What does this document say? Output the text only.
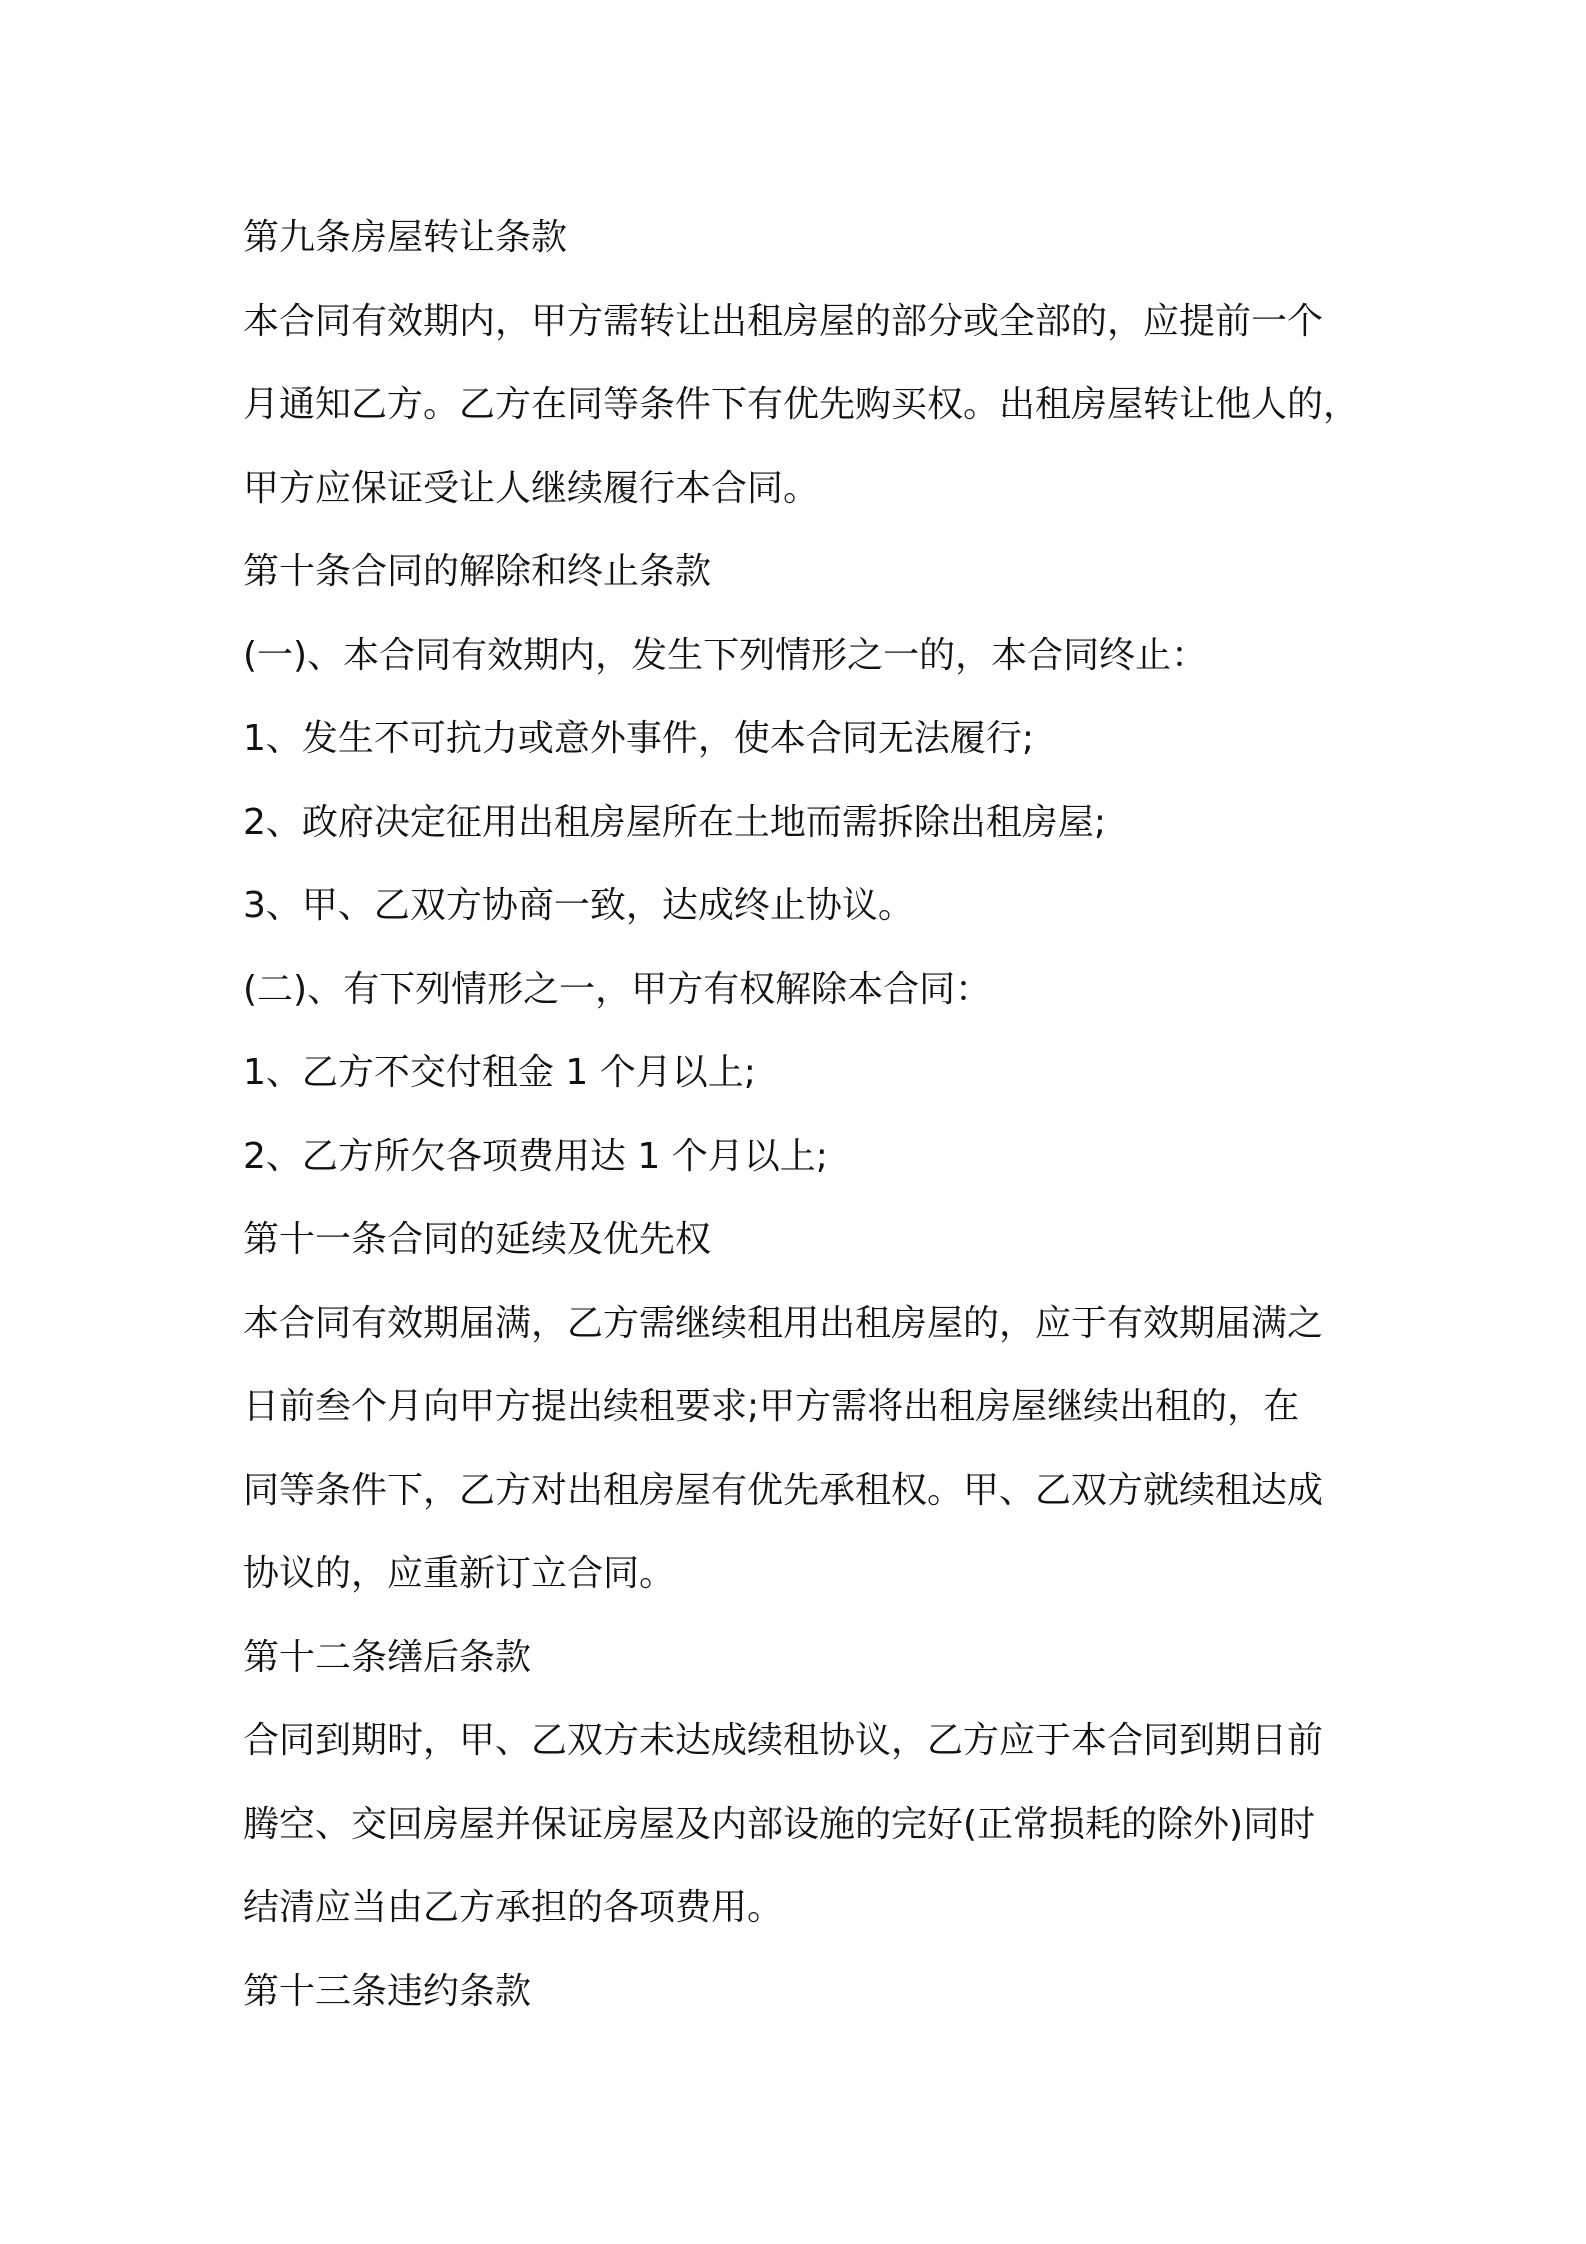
第九条房屋转让条款
本合同有效期内，甲方需转让出租房屋的部分或全部的，应提前一个
月通知乙方。乙方在同等条件下有优先购买权。出租房屋转让他人的，
甲方应保证受让人继续履行本合同。
第十条合同的解除和终止条款
(一)、本合同有效期内，发生下列情形之一的，本合同终止：
1、发生不可抗力或意外事件，使本合同无法履行;
2、政府决定征用出租房屋所在土地而需拆除出租房屋;
3、甲、乙双方协商一致，达成终止协议。
(二)、有下列情形之一，甲方有权解除本合同：
1、乙方不交付租金 1 个月以上;
2、乙方所欠各项费用达 1 个月以上;
第十一条合同的延续及优先权
本合同有效期届满，乙方需继续租用出租房屋的，应于有效期届满之
日前叁个月向甲方提出续租要求;甲方需将出租房屋继续出租的，在
同等条件下，乙方对出租房屋有优先承租权。甲、乙双方就续租达成
协议的，应重新订立合同。
第十二条缮后条款
合同到期时，甲、乙双方未达成续租协议，乙方应于本合同到期日前
腾空、交回房屋并保证房屋及内部设施的完好(正常损耗的除外)同时
结清应当由乙方承担的各项费用。
第十三条违约条款
